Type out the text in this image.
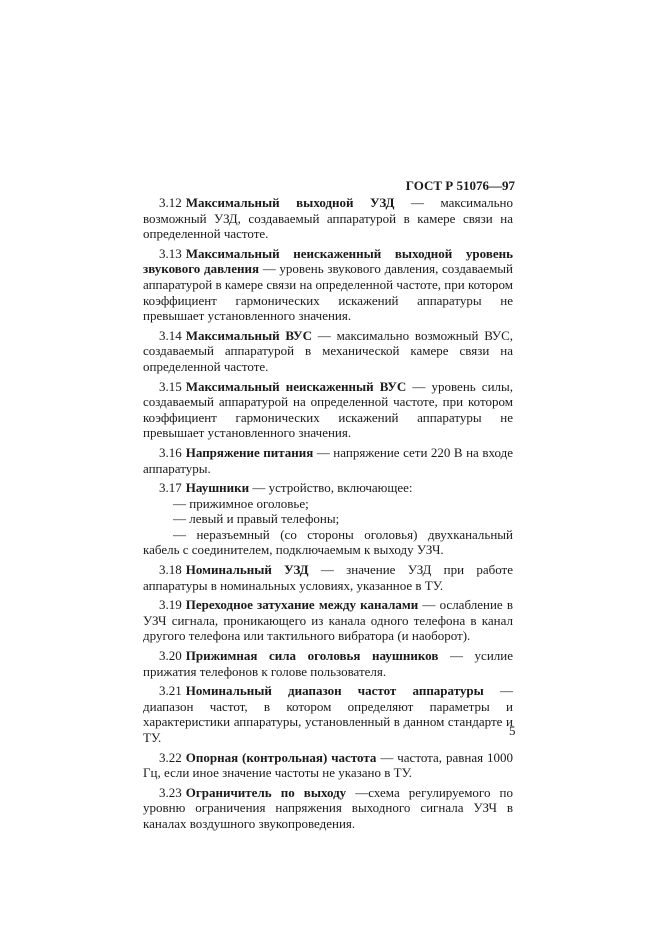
ГОСТ Р 51076—97

3.12 Максимальный выходной УЗД — максимально возможный УЗД, создаваемый аппаратурой в камере связи на определенной частоте.

3.13 Максимальный неискаженный выходной уровень звукового давления — уровень звукового давления, создаваемый аппаратурой в камере связи на определенной частоте, при котором коэффициент гармонических искажений аппаратуры не превышает установленного значения.

3.14 Максимальный ВУС — максимально возможный ВУС, создаваемый аппаратурой в механической камере связи на определенной частоте.

3.15 Максимальный неискаженный ВУС — уровень силы, создаваемый аппаратурой на определенной частоте, при котором коэффициент гармонических искажений аппаратуры не превышает установленного значения.

3.16 Напряжение питания — напряжение сети 220 В на входе аппаратуры.

3.17 Наушники — устройство, включающее:

— прижимное оголовье;

— левый и правый телефоны;

— неразъемный (со стороны оголовья) двухканальный кабель с соединителем, подключаемым к выходу УЗЧ.

3.18 Номинальный УЗД — значение УЗД при работе аппаратуры в номинальных условиях, указанное в ТУ.

3.19 Переходное затухание между каналами — ослабление в УЗЧ сигнала, проникающего из канала одного телефона в канал другого телефона или тактильного вибратора (и наоборот).

3.20 Прижимная сила оголовья наушников — усилие прижатия телефонов к голове пользователя.

3.21 Номинальный диапазон частот аппаратуры — диапазон частот, в котором определяют параметры и характеристики аппаратуры, установленный в данном стандарте и ТУ.

3.22 Опорная (контрольная) частота — частота, равная 1000 Гц, если иное значение частоты не указано в ТУ.

3.23 Ограничитель по выходу —схема регулируемого по уровню ограничения напряжения выходного сигнала УЗЧ в каналах воздушного звукопроведения.

5
